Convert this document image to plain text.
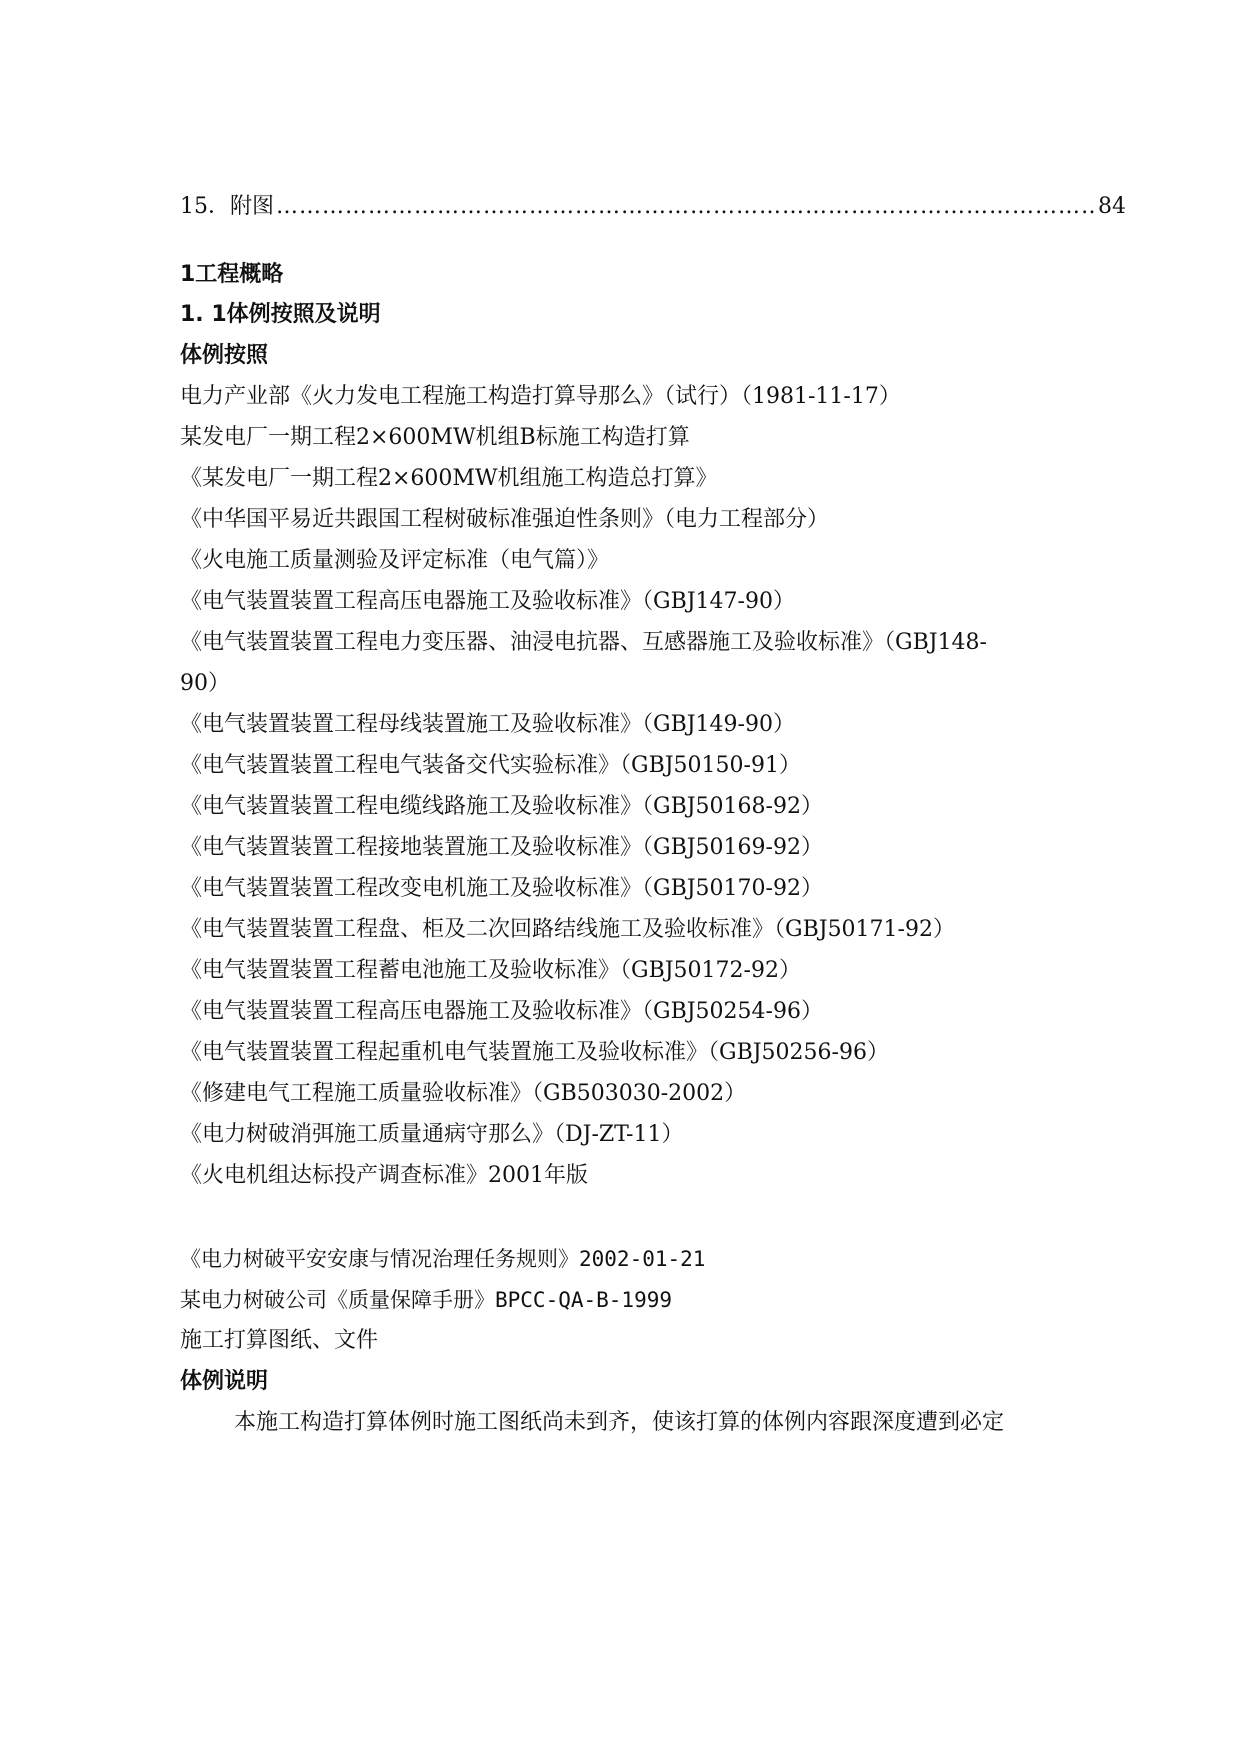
15．附图
…………………………………………………………………………………………………………………………………………………………………………………………	84
1工程概略
1. 1体例按照及说明
体例按照
电力产业部《火力发电工程施工构造打算导那么》（试行）（1981-11-17）
某发电厂一期工程2×600MW机组B标施工构造打算
《某发电厂一期工程2×600MW机组施工构造总打算》
《中华国平易近共跟国工程树破标准强迫性条则》（电力工程部分）
《火电施工质量测验及评定标准（电气篇）》
《电气装置装置工程高压电器施工及验收标准》（GBJ147-90）
《电气装置装置工程电力变压器、油浸电抗器、互感器施工及验收标准》（GBJ148-
90）
《电气装置装置工程母线装置施工及验收标准》（GBJ149-90）
《电气装置装置工程电气装备交代实验标准》（GBJ50150-91）
《电气装置装置工程电缆线路施工及验收标准》（GBJ50168-92）
《电气装置装置工程接地装置施工及验收标准》（GBJ50169-92）
《电气装置装置工程改变电机施工及验收标准》（GBJ50170-92）
《电气装置装置工程盘、柜及二次回路结线施工及验收标准》（GBJ50171-92）
《电气装置装置工程蓄电池施工及验收标准》（GBJ50172-92）
《电气装置装置工程高压电器施工及验收标准》（GBJ50254-96）
《电气装置装置工程起重机电气装置施工及验收标准》（GBJ50256-96）
《修建电气工程施工质量验收标准》（GB503030-2002）
《电力树破消弭施工质量通病守那么》（DJ-ZT-11）
《火电机组达标投产调查标准》2001年版
《电力树破平安安康与情况治理任务规则》2002-01-21
某电力树破公司《质量保障手册》BPCC-QA-B-1999
施工打算图纸、文件
体例说明
本施工构造打算体例时施工图纸尚未到齐，使该打算的体例内容跟深度遭到必定
